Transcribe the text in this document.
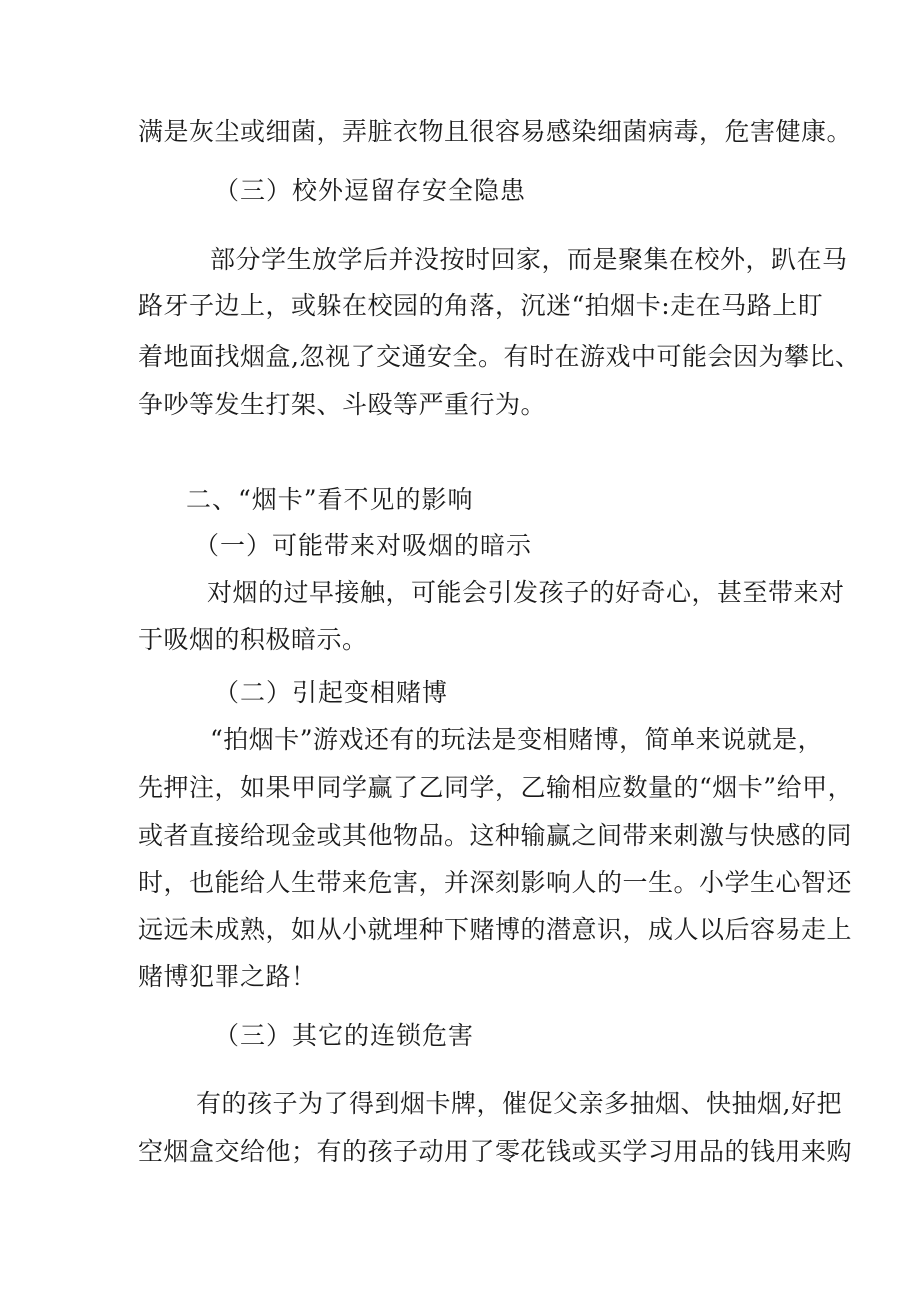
满是灰尘或细菌，弄脏衣物且很容易感染细菌病毒，危害健康。
（三）校外逗留存安全隐患
部分学生放学后并没按时回家，而是聚集在校外，趴在马
路牙子边上，或躲在校园的角落，沉迷“拍烟卡:走在马路上盯
着地面找烟盒,忽视了交通安全。有时在游戏中可能会因为攀比、
争吵等发生打架、斗殴等严重行为。
二、“烟卡”看不见的影响
（一）可能带来对吸烟的暗示
对烟的过早接触，可能会引发孩子的好奇心，甚至带来对
于吸烟的积极暗示。
（二）引起变相赌博
“拍烟卡”游戏还有的玩法是变相赌博，简单来说就是，
先押注，如果甲同学赢了乙同学，乙输相应数量的“烟卡”给甲，
或者直接给现金或其他物品。这种输赢之间带来刺激与快感的同
时，也能给人生带来危害，并深刻影响人的一生。小学生心智还
远远未成熟，如从小就埋种下赌博的潜意识，成人以后容易走上
赌博犯罪之路！
（三）其它的连锁危害
有的孩子为了得到烟卡牌，催促父亲多抽烟、快抽烟,好把
空烟盒交给他；有的孩子动用了零花钱或买学习用品的钱用来购
